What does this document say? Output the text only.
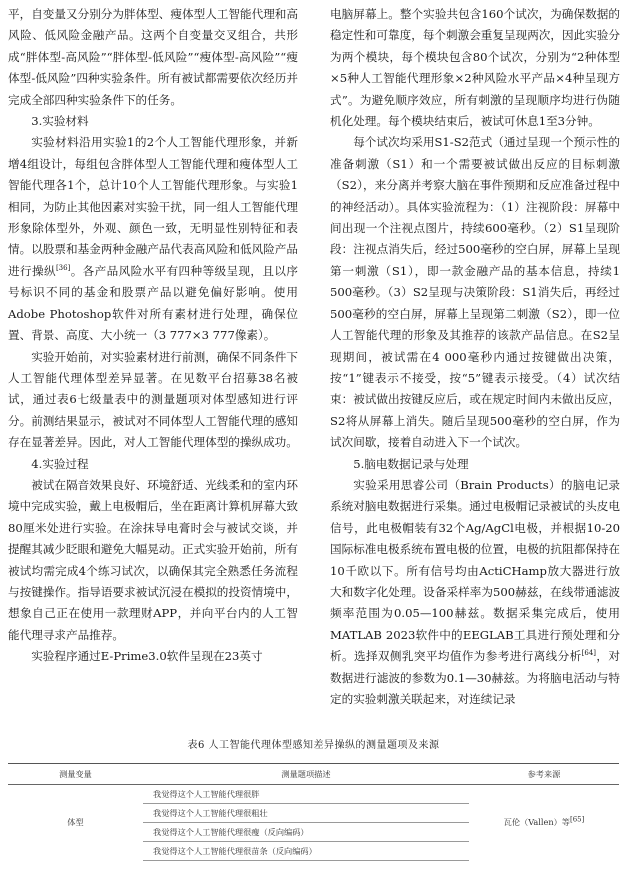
平，自变量又分别分为胖体型、瘦体型人工智能代理和高风险、低风险金融产品。这两个自变量交叉组合，共形成“胖体型-高风险”“胖体型-低风险”“瘦体型-高风险”“瘦体型-低风险”四种实验条件。所有被试都需要依次经历并完成全部四种实验条件下的任务。

3.实验材料

实验材料沿用实验1的2个人工智能代理形象，并新增4组设计，每组包含胖体型人工智能代理和瘦体型人工智能代理各1个，总计10个人工智能代理形象。与实验1相同，为防止其他因素对实验干扰，同一组人工智能代理形象除体型外，外观、颜色一致，无明显性别特征和表情。以股票和基金两种金融产品代表高风险和低风险产品进行操纵[36]。各产品风险水平有四种等级呈现，且以序号标识不同的基金和股票产品以避免偏好影响。使用Adobe Photoshop软件对所有素材进行处理，确保位置、背景、高度、大小统一（3 777×3 777像素）。

实验开始前，对实验素材进行前测，确保不同条件下人工智能代理体型差异显著。在见数平台招募38名被试，通过表6七级量表中的测量题项对体型感知进行评分。前测结果显示，被试对不同体型人工智能代理的感知存在显著差异。因此，对人工智能代理体型的操纵成功。

4.实验过程

被试在隔音效果良好、环境舒适、光线柔和的室内环境中完成实验，戴上电极帽后，坐在距离计算机屏幕大致80厘米处进行实验。在涂抹导电膏时会与被试交谈，并提醒其减少眨眼和避免大幅晃动。正式实验开始前，所有被试均需完成4个练习试次，以确保其完全熟悉任务流程与按键操作。指导语要求被试沉浸在模拟的投资情境中，想象自己正在使用一款理财APP，并向平台内的人工智能代理寻求产品推荐。

实验程序通过E-Prime3.0软件呈现在23英寸

电脑屏幕上。整个实验共包含160个试次，为确保数据的稳定性和可靠度，每个刺激会重复呈现两次，因此实验分为两个模块，每个模块包含80个试次，分别为“2种体型×5种人工智能代理形象×2种风险水平产品×4种呈现方式”。为避免顺序效应，所有刺激的呈现顺序均进行伪随机化处理。每个模块结束后，被试可休息1至3分钟。

每个试次均采用S1-S2范式（通过呈现一个预示性的准备刺激（S1）和一个需要被试做出反应的目标刺激（S2），来分离并考察大脑在事件预期和反应准备过程中的神经活动）。具体实验流程为：（1）注视阶段：屏幕中间出现一个注视点图片，持续600毫秒。（2）S1呈现阶段：注视点消失后，经过500毫秒的空白屏，屏幕上呈现第一刺激（S1），即一款金融产品的基本信息，持续1 500毫秒。（3）S2呈现与决策阶段：S1消失后，再经过500毫秒的空白屏，屏幕上呈现第二刺激（S2），即一位人工智能代理的形象及其推荐的该款产品信息。在S2呈现期间，被试需在4 000毫秒内通过按键做出决策，按“1”键表示不接受，按“5”键表示接受。（4）试次结束：被试做出按键反应后，或在规定时间内未做出反应，S2将从屏幕上消失。随后呈现500毫秒的空白屏，作为试次间歇，接着自动进入下一个试次。

5.脑电数据记录与处理

实验采用思睿公司（Brain Products）的脑电记录系统对脑电数据进行采集。通过电极帽记录被试的头皮电信号，此电极帽装有32个Ag/AgCl电极，并根据10-20国际标准电极系统布置电极的位置，电极的抗阻都保持在10千欧以下。所有信号均由ActiCHamp放大器进行放大和数字化处理。设备采样率为500赫兹，在线带通滤波频率范围为0.05—100赫兹。数据采集完成后，使用MATLAB 2023软件中的EEGLAB工具进行预处理和分析。选择双侧乳突平均值作为参考进行离线分析[64]，对数据进行滤波的参数为0.1—30赫兹。为将脑电活动与特定的实验刺激关联起来，对连续记录

表6 人工智能代理体型感知差异操纵的测量题项及来源
测量变量	测量题项描述	参考来源
体型	我觉得这个人工智能代理很胖	瓦伦（Vallen）等[65]
	我觉得这个人工智能代理很粗壮	
	我觉得这个人工智能代理很瘦（反向编码）	
	我觉得这个人工智能代理很苗条（反向编码）	
